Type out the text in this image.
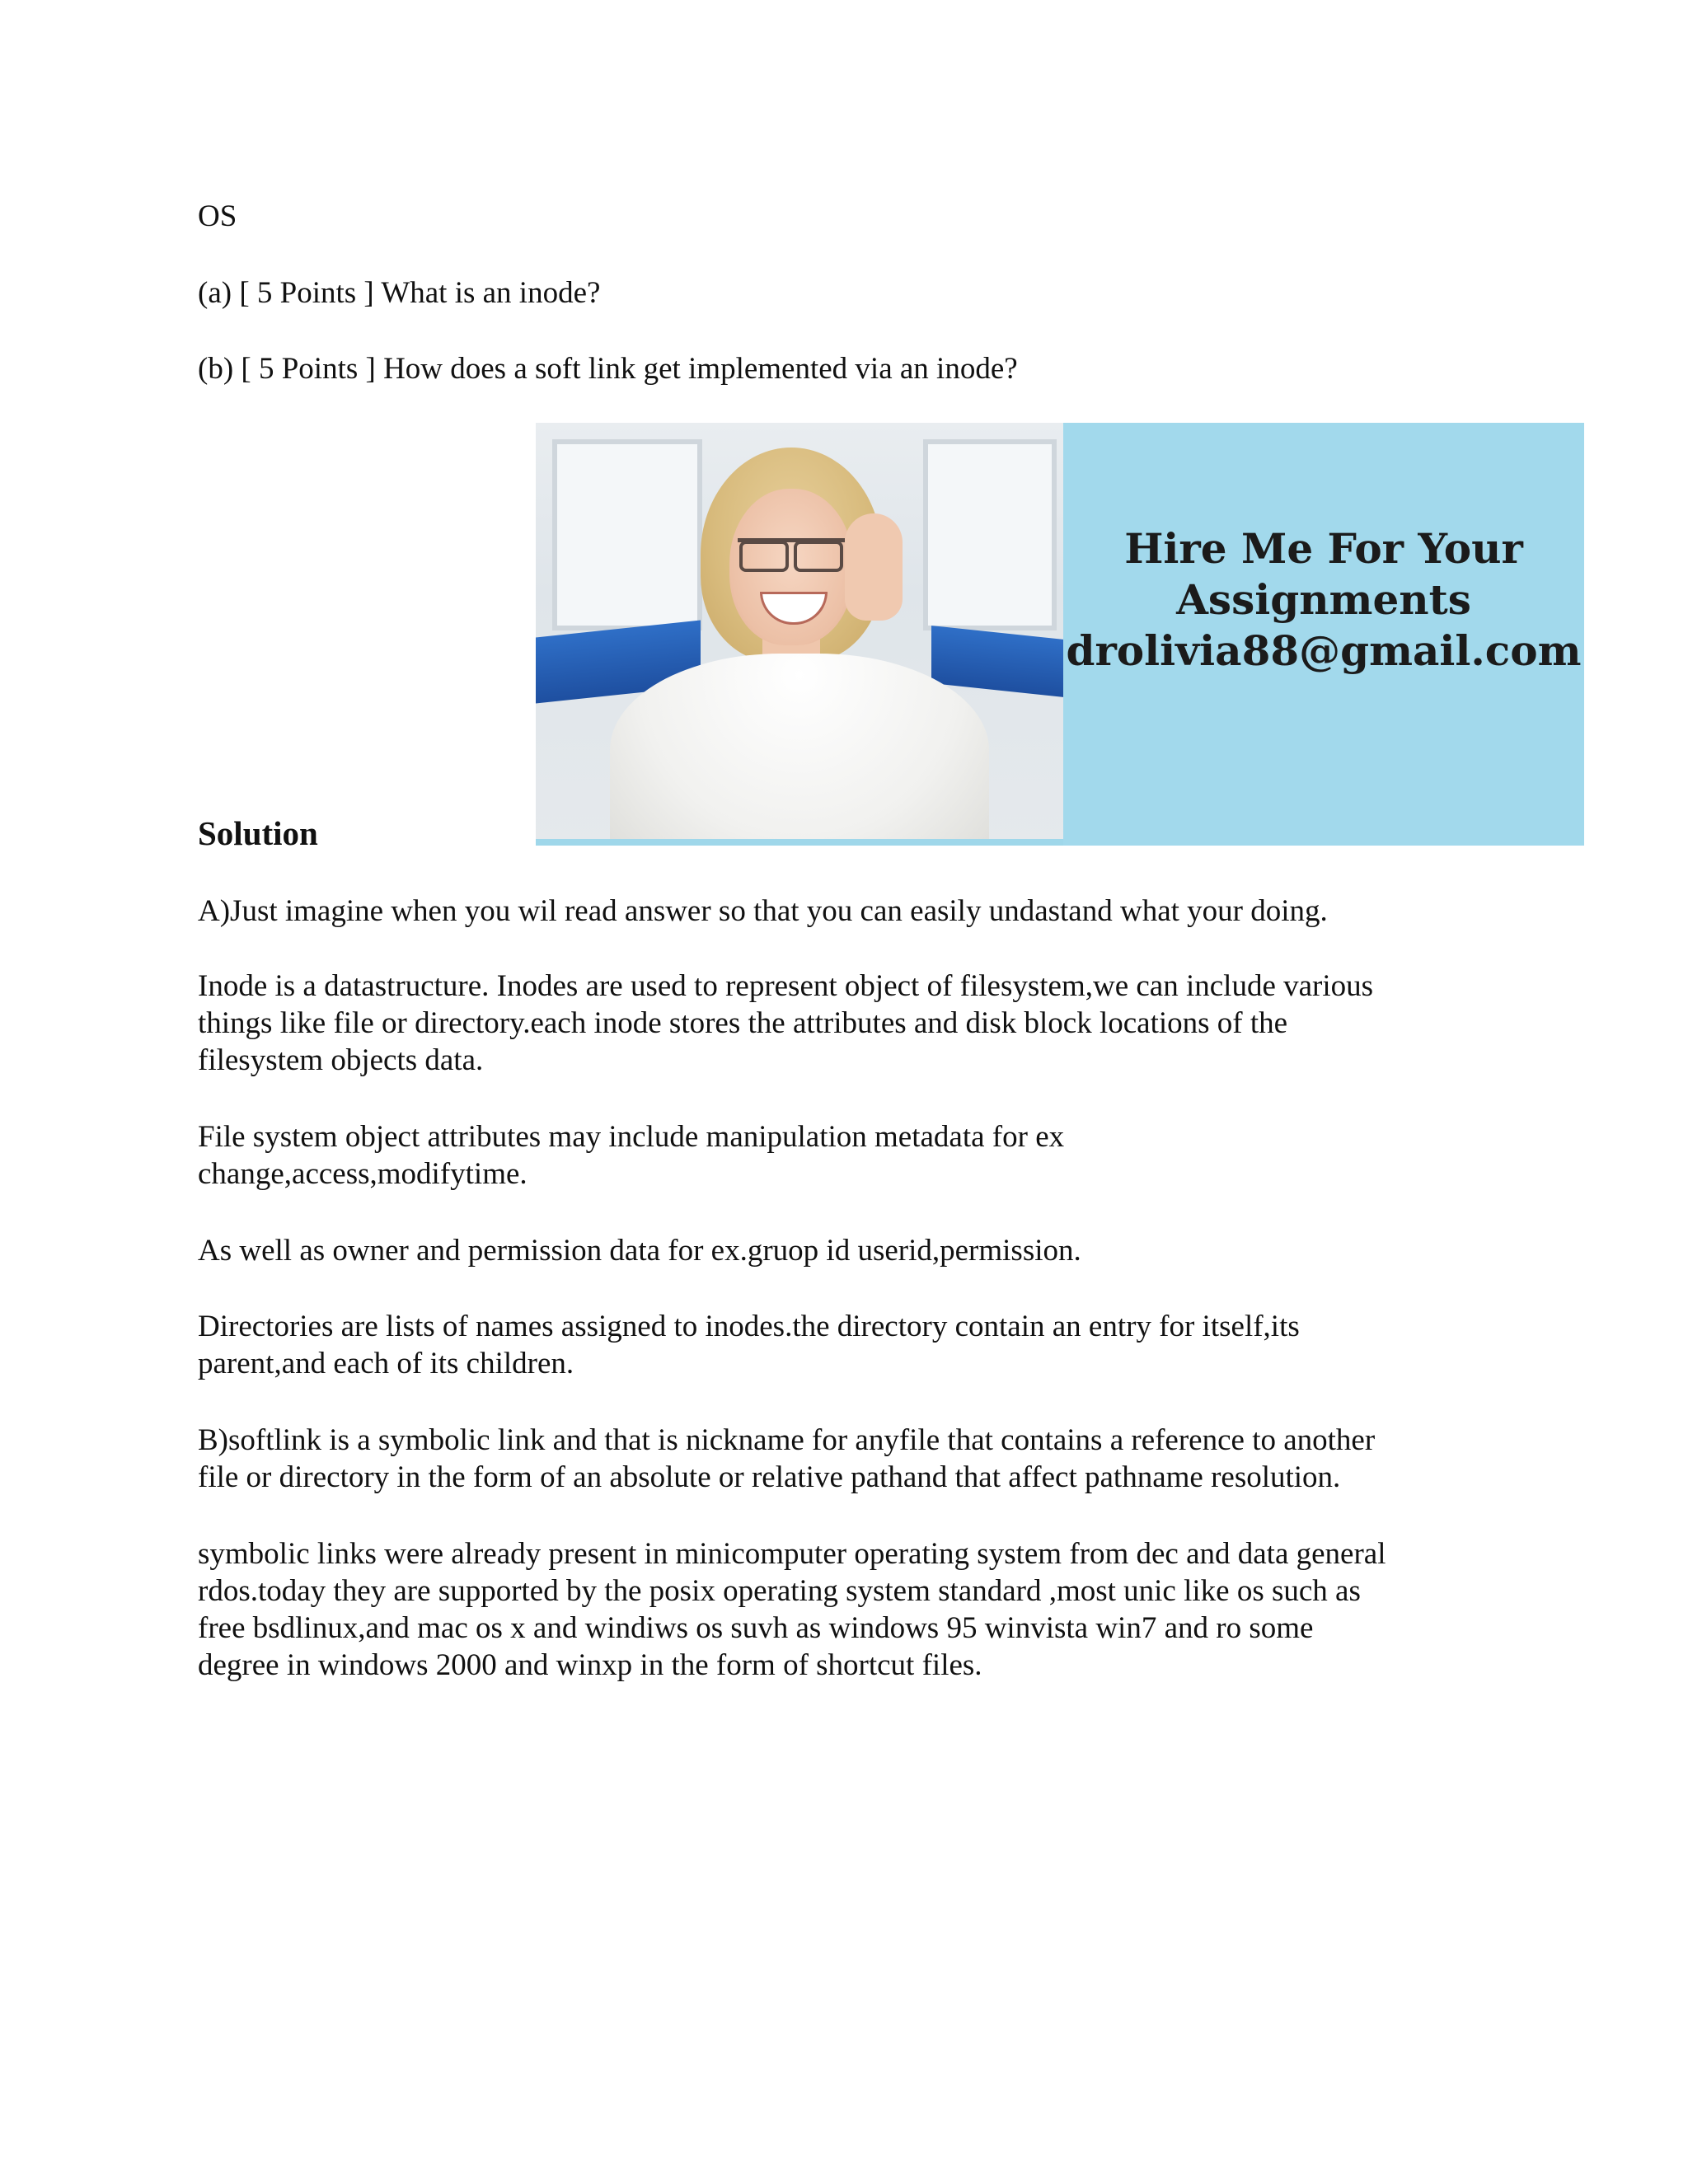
OS

(a) [ 5 Points ] What is an inode?

(b) [ 5 Points ] How does a soft link get implemented via an inode?

Solution

Hire Me For Your
Assignments
drolivia88@gmail.com
A)Just imagine when you wil read answer so that you can easily undastand what your doing.
Inode is a datastructure. Inodes are used to represent object of filesystem,we can include various
things like file or directory.each inode stores the attributes and disk block locations of the
filesystem objects data.
File system object attributes may include manipulation metadata for ex
change,access,modifytime.
As well as owner and permission data for ex.gruop id userid,permission.
Directories are lists of names assigned to inodes.the directory contain an entry for itself,its
parent,and each of its children.
B)softlink is a symbolic link and that is nickname for anyfile that contains a reference to another
file or directory in the form of an absolute or relative pathand that affect pathname resolution.
symbolic links were already present in minicomputer operating system from dec and data general
rdos.today they are supported by the posix operating system standard ,most unic like os such as
free bsdlinux,and mac os x and windiws os suvh as windows 95 winvista win7 and ro some
degree in windows 2000 and winxp in the form of shortcut files.
